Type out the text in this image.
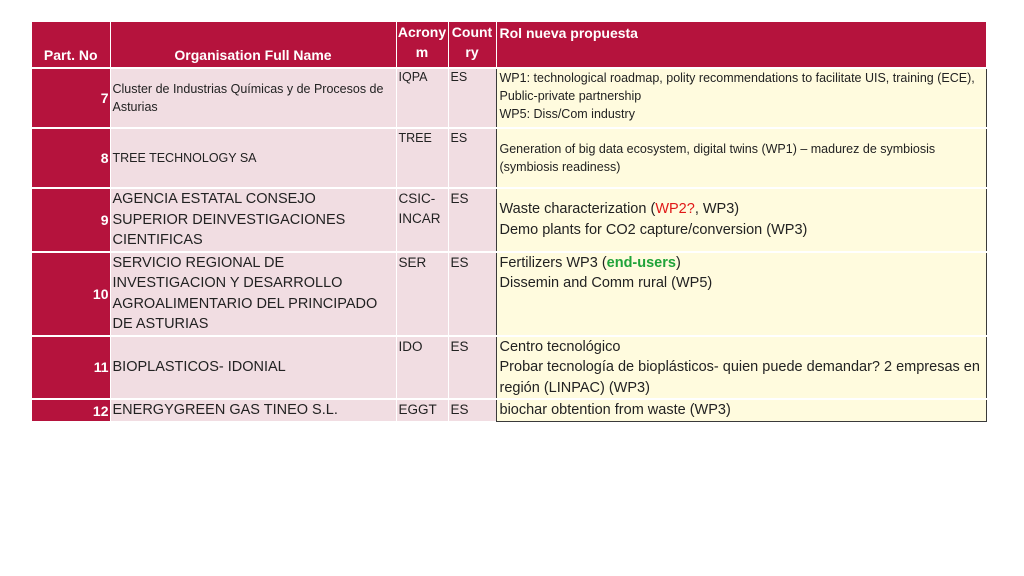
Part. No	Organisation Full Name	Acrony m	Count ry	Rol nueva propuesta
7	Cluster de Industrias Químicas y de Procesos de Asturias	IQPA	ES	WP1: technological roadmap, polity recommendations to facilitate UIS, training (ECE), Public-private partnership
WP5: Diss/Com industry

8	TREE TECHNOLOGY SA	TREE	ES	Generation of big data ecosystem, digital twins (WP1) – madurez de symbiosis (symbiosis readiness)

9	AGENCIA ESTATAL CONSEJO SUPERIOR DEINVESTIGACIONES CIENTIFICAS	CSIC-INCAR	ES	Waste characterization (WP2?, WP3)
Demo plants for CO2 capture/conversion (WP3)

10	SERVICIO REGIONAL DE INVESTIGACION Y DESARROLLO AGROALIMENTARIO DEL PRINCIPADO DE ASTURIAS	SER	ES	Fertilizers WP3 (end-users)
Dissemin and Comm rural (WP5)

11	BIOPLASTICOS- IDONIAL	IDO	ES	Centro tecnológico
Probar tecnología de bioplásticos- quien puede demandar? 2 empresas en región (LINPAC) (WP3)

12	ENERGYGREEN GAS TINEO S.L.	EGGT	ES	biochar obtention from waste (WP3)
